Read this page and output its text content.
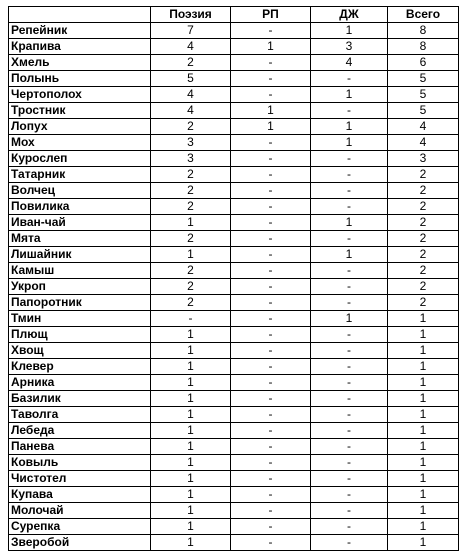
	Поэзия	РП	ДЖ	Всего
Репейник	7	-	1	8
Крапива	4	1	3	8
Хмель	2	-	4	6
Полынь	5	-	-	5
Чертополох	4	-	1	5
Тростник	4	1	-	5
Лопух	2	1	1	4
Мох	3	-	1	4
Курослеп	3	-	-	3
Татарник	2	-	-	2
Волчец	2	-	-	2
Повилика	2	-	-	2
Иван-чай	1	-	1	2
Мята	2	-	-	2
Лишайник	1	-	1	2
Камыш	2	-	-	2
Укроп	2	-	-	2
Папоротник	2	-	-	2
Тмин	-	-	1	1
Плющ	1	-	-	1
Хвощ	1	-	-	1
Клевер	1	-	-	1
Арника	1	-	-	1
Базилик	1	-	-	1
Таволга	1	-	-	1
Лебеда	1	-	-	1
Панева	1	-	-	1
Ковыль	1	-	-	1
Чистотел	1	-	-	1
Купава	1	-	-	1
Молочай	1	-	-	1
Сурепка	1	-	-	1
Зверобой	1	-	-	1
